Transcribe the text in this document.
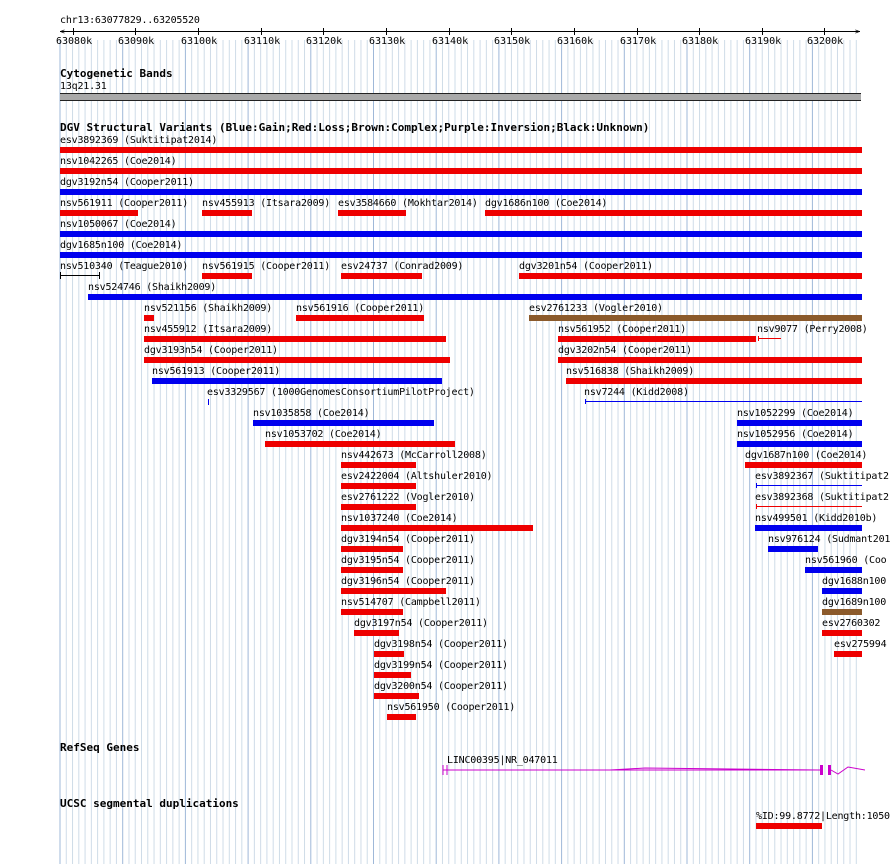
chr13:63077829..63205520
<	>
63080k	63090k	63100k	63110k	63120k	63130k	63140k	63150k	63160k	63170k	63180k	63190k	63200k
Cytogenetic Bands
13q21.31
DGV Structural Variants (Blue:Gain;Red:Loss;Brown:Complex;Purple:Inversion;Black:Unknown)
esv3892369 (Suktitipat2014)
nsv1042265 (Coe2014)
dgv3192n54 (Cooper2011)
nsv561911 (Cooper2011) nsv455913 (Itsara2009) esv3584660 (Mokhtar2014) dgv1686n100 (Coe2014)
nsv1050067 (Coe2014)
dgv1685n100 (Coe2014)
nsv510340 (Teague2010) nsv561915 (Cooper2011) esv24737 (Conrad2009)	dgv3201n54 (Cooper2011)
nsv524746 (Shaikh2009)
nsv521156 (Shaikh2009) nsv561916 (Cooper2011)	esv2761233 (Vogler2010)
nsv455912 (Itsara2009)	nsv561952 (Cooper2011)	nsv9077 (Perry2008)
dgv3193n54 (Cooper2011)	dgv3202n54 (Cooper2011)
nsv561913 (Cooper2011)	nsv516838 (Shaikh2009)
esv3329567 (1000GenomesConsortiumPilotProject)	nsv7244 (Kidd2008)
nsv1035858 (Coe2014)	nsv1052299 (Coe2014)
nsv1053702 (Coe2014)	nsv1052956 (Coe2014)
nsv442673 (McCarroll2008)	dgv1687n100 (Coe2014)
esv2422004 (Altshuler2010)	esv3892367 (Suktitipat2
esv2761222 (Vogler2010)	esv3892368 (Suktitipat2
nsv1037240 (Coe2014)	nsv499501 (Kidd2010b)
dgv3194n54 (Cooper2011)	nsv976124 (Sudmant201
dgv3195n54 (Cooper2011)	nsv561960 (Coo
dgv3196n54 (Cooper2011)	dgv1688n100
nsv514707 (Campbell2011)	dgv1689n100
dgv3197n54 (Cooper2011)	esv2760302
dgv3198n54 (Cooper2011)	esv275994
dgv3199n54 (Cooper2011)
dgv3200n54 (Cooper2011)
nsv561950 (Cooper2011)
RefSeq Genes
LINC00395|NR_047011
UCSC segmental duplications
%ID:99.8772|Length:1050
